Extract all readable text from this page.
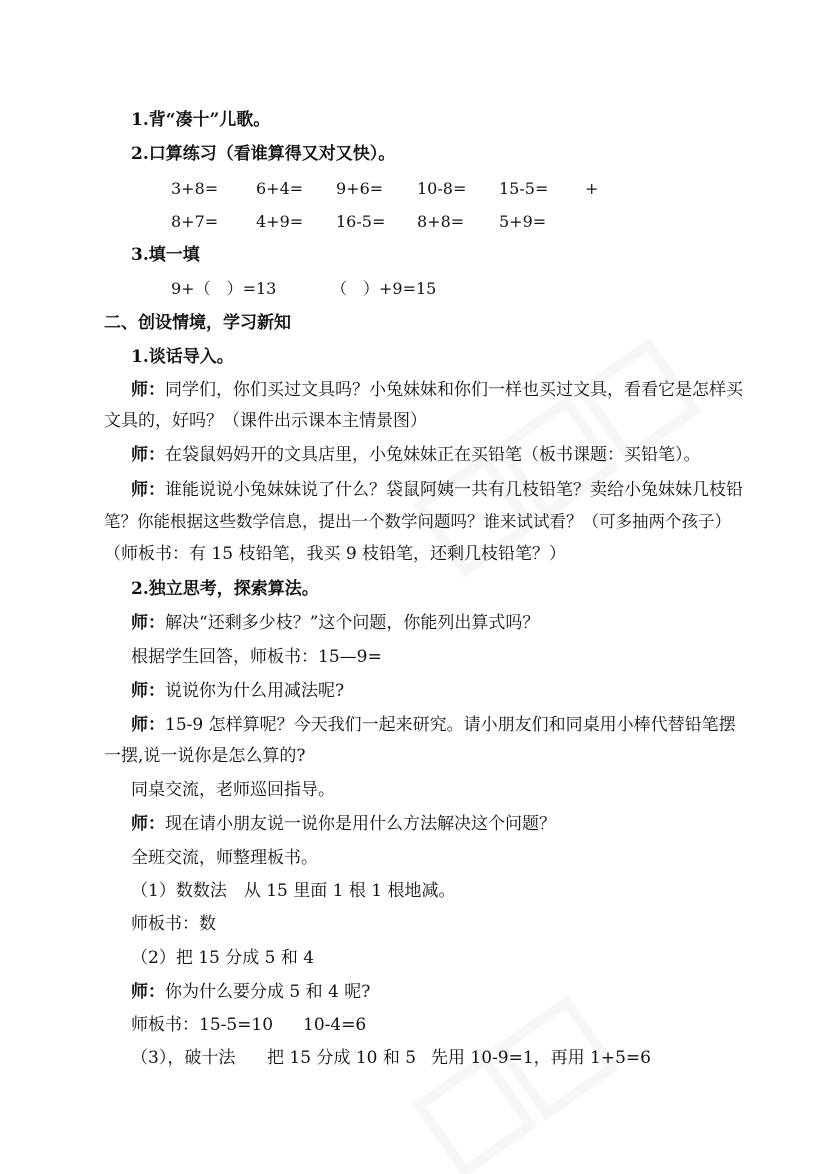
1.背“凑十”儿歌。
2.口算练习（看谁算得又对又快）。
3+8= 6+4= 9+6= 10-8= 15-5= +
8+7= 4+9= 16-5= 8+8= 5+9=
3.填一填
9+（　）=13	（　）+9=15
二、创设情境，学习新知
1.谈话导入。
师：同学们，你们买过文具吗？小兔妹妹和你们一样也买过文具，看看它是怎样买
文具的，好吗？（课件出示课本主情景图）
师：在袋鼠妈妈开的文具店里，小兔妹妹正在买铅笔（板书课题：买铅笔）。
师：谁能说说小兔妹妹说了什么？袋鼠阿姨一共有几枝铅笔？卖给小兔妹妹几枝铅
笔？你能根据这些数学信息，提出一个数学问题吗？谁来试试看？（可多抽两个孩子）
（师板书：有 15 枝铅笔，我买 9 枝铅笔，还剩几枝铅笔？）
2.独立思考，探索算法。
师：解决“还剩多少枝？”这个问题，你能列出算式吗？
根据学生回答，师板书：15—9=
师：说说你为什么用减法呢?
师：15-9 怎样算呢？今天我们一起来研究。请小朋友们和同桌用小棒代替铅笔摆
一摆,说一说你是怎么算的?
同桌交流，老师巡回指导。
师：现在请小朋友说一说你是用什么方法解决这个问题？
全班交流，师整理板书。
（1）数数法　从 15 里面 1 根 1 根地减。
师板书：数
（2）把 15 分成 5 和 4
师：你为什么要分成 5 和 4 呢?
师板书：15-5=10 10-4=6
（3），破十法 把 15 分成 10 和 5 先用 10-9=1，再用 1+5=6
